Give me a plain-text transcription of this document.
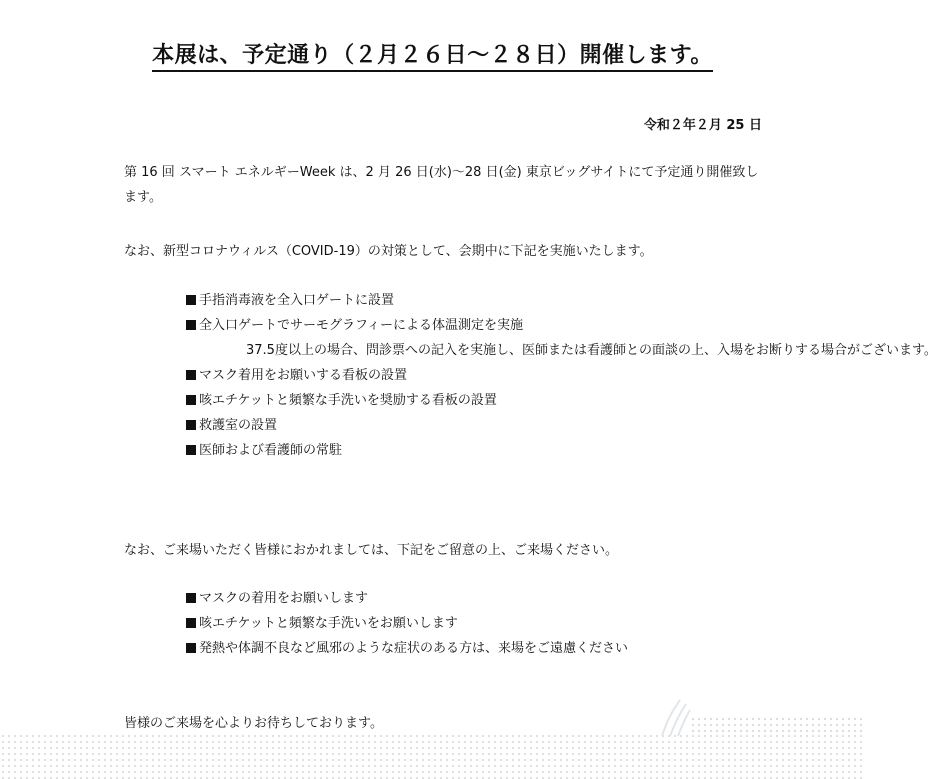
本展は、予定通り（２月２６日～２８日）開催します。
令和２年２月 25 日
第 16 回 スマート エネルギーWeek は、2 月 26 日(水)～28 日(金) 東京ビッグサイトにて予定通り開催致します。
なお、新型コロナウィルス（COVID-19）の対策として、会期中に下記を実施いたします。
手指消毒液を全入口ゲートに設置
全入口ゲートでサーモグラフィーによる体温測定を実施
37.5度以上の場合、問診票への記入を実施し、医師または看護師との面談の上、入場をお断りする場合がございます。
マスク着用をお願いする看板の設置
咳エチケットと頻繁な手洗いを奨励する看板の設置
救護室の設置
医師および看護師の常駐
なお、ご来場いただく皆様におかれましては、下記をご留意の上、ご来場ください。
マスクの着用をお願いします
咳エチケットと頻繁な手洗いをお願いします
発熱や体調不良など風邪のような症状のある方は、来場をご遠慮ください
皆様のご来場を心よりお待ちしております。
